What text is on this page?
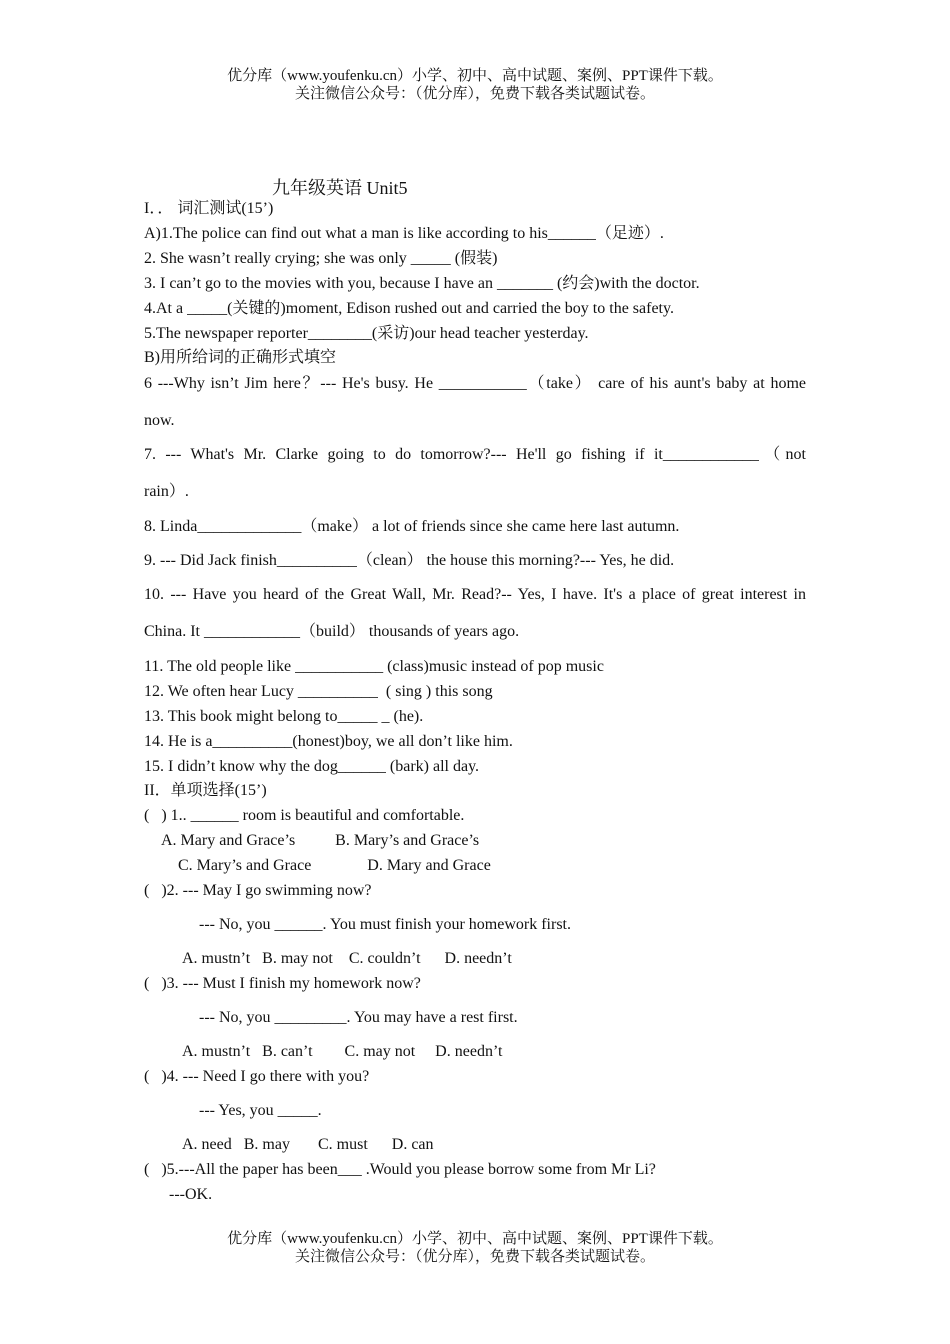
优分库（www.youfenku.cn）小学、初中、高中试题、案例、PPT课件下载。
关注微信公众号：（优分库），免费下载各类试题试卷。
九年级英语 Unit5
I．． 词汇测试(15’)
A)1.The police can find out what a man is like according to his______（足迹）.
2. She wasn’t really crying; she was only _____ (假装)
3. I can’t go to the movies with you, because I have an _______ (约会)with the doctor.
4.At a _____(关键的)moment, Edison rushed out and carried the boy to the safety.
5.The newspaper reporter________(采访)our head teacher yesterday.
B)用所给词的正确形式填空
6 ---Why isn’t Jim here？--- He's busy. He ___________（take） care of his aunt's baby at home
now.
7. --- What's Mr. Clarke going to do tomorrow?--- He'll go fishing if it____________（not
rain）.
8. Linda_____________（make） a lot of friends since she came here last autumn.
9. --- Did Jack finish__________（clean） the house this morning?--- Yes, he did.
10. --- Have you heard of the Great Wall, Mr. Read?-- Yes, I have. It's a place of great interest in
China. It ____________（build） thousands of years ago.
11. The old people like ___________ (class)music instead of pop music
12. We often hear Lucy __________  ( sing ) this song
13. This book might belong to_____ _ (he).
14. He is a__________(honest)boy, we all don’t like him.
15. I didn’t know why the dog______ (bark) all day.
II．单项选择(15’)
(   ) 1.. ______ room is beautiful and comfortable.
A. Mary and Grace’s          B. Mary’s and Grace’s
C. Mary’s and Grace              D. Mary and Grace
(   )2. --- May I go swimming now?
--- No, you ______. You must finish your homework first.
A. mustn’t   B. may not    C. couldn’t      D. needn’t
(   )3. --- Must I finish my homework now?
--- No, you _________. You may have a rest first.
A. mustn’t   B. can’t        C. may not     D. needn’t
(   )4. --- Need I go there with you?
--- Yes, you _____.
A. need   B. may       C. must      D. can
(   )5.---All the paper has been___ .Would you please borrow some from Mr Li?
---OK.
优分库（www.youfenku.cn）小学、初中、高中试题、案例、PPT课件下载。
关注微信公众号：（优分库），免费下载各类试题试卷。
